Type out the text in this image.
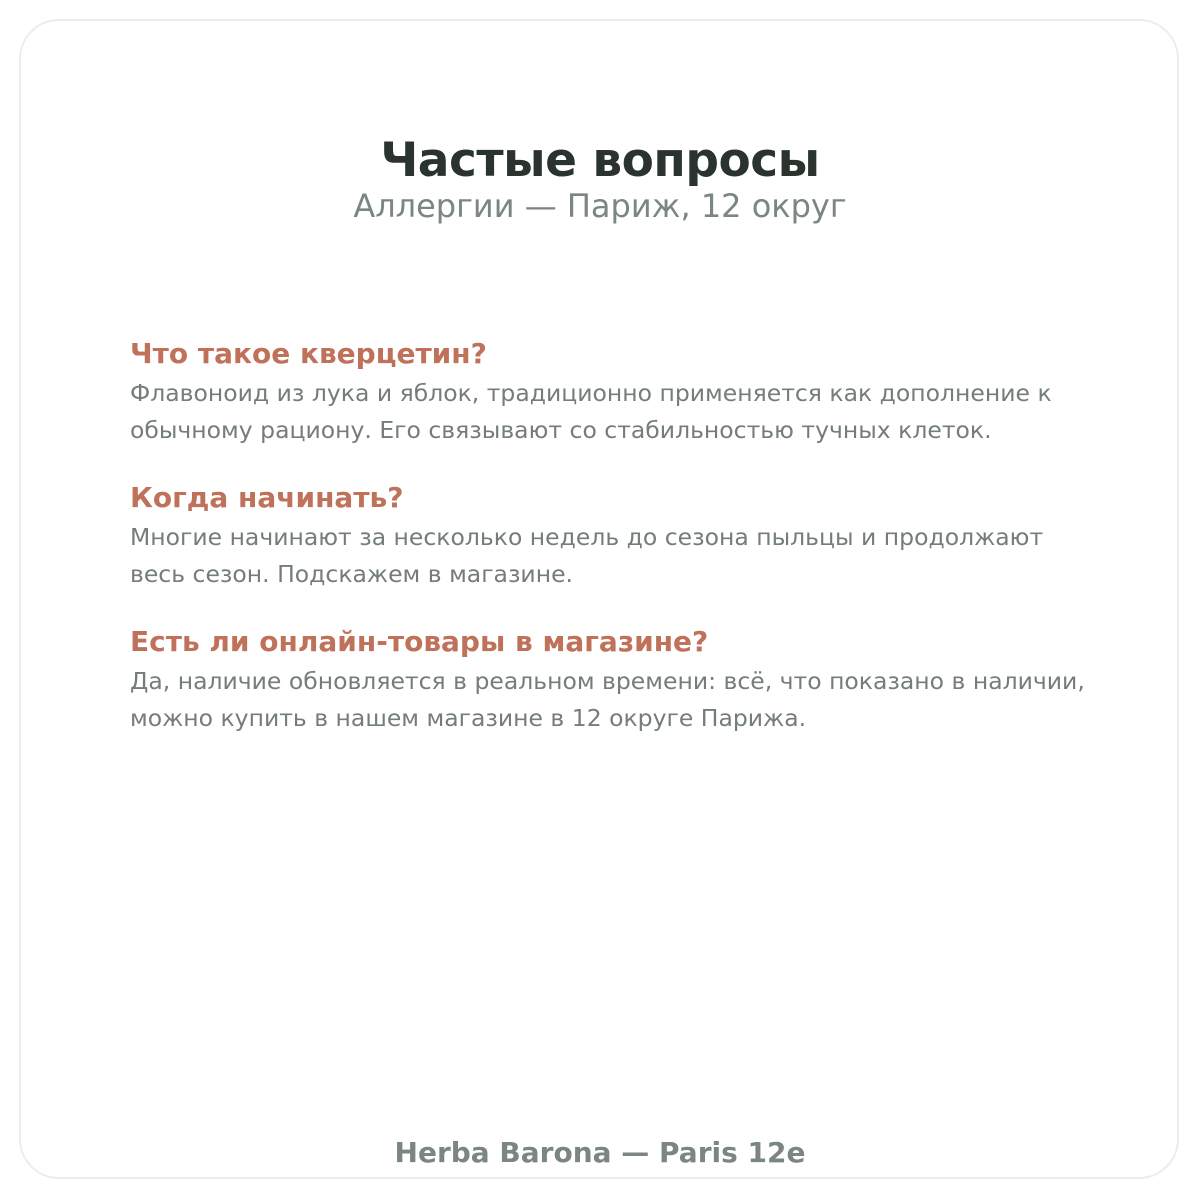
Частые вопросы
Аллергии — Париж, 12 округ

Что такое кверцетин?

Флавоноид из лука и яблок, традиционно применяется как дополнение к обычному рациону. Его связывают со стабильностью тучных клеток.

Когда начинать?

Многие начинают за несколько недель до сезона пыльцы и продолжают весь сезон. Подскажем в магазине.

Есть ли онлайн-товары в магазине?

Да, наличие обновляется в реальном времени: всё, что показано в наличии, можно купить в нашем магазине в 12 округе Парижа.

Herba Barona — Paris 12e
